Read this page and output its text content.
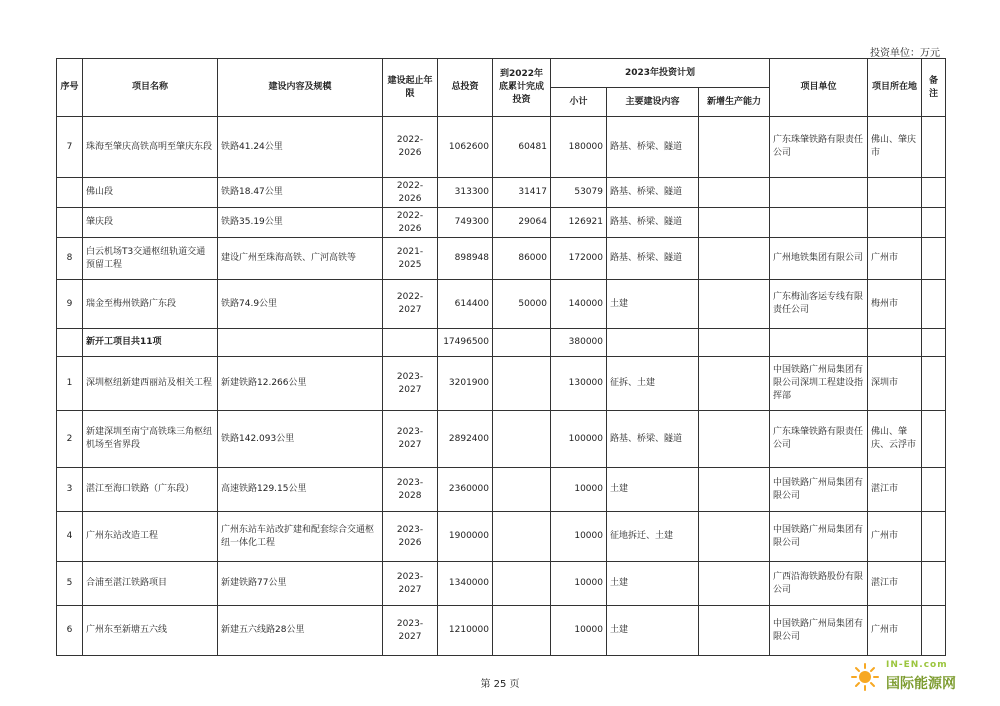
投资单位：万元
序号	项目名称	建设内容及规模	建设起止年限	总投资	到2022年底累计完成投资	2023年投资计划			项目单位	项目所在地	备注
						小计	主要建设内容	新增生产能力			
7	珠海至肇庆高铁高明至肇庆东段	铁路41.24公里	2022-2026	1062600	60481	180000	路基、桥梁、隧道		广东珠肇铁路有限责任公司	佛山、肇庆市	
	佛山段	铁路18.47公里	2022-2026	313300	31417	53079	路基、桥梁、隧道				
	肇庆段	铁路35.19公里	2022-2026	749300	29064	126921	路基、桥梁、隧道				
8	白云机场T3交通枢纽轨道交通预留工程	建设广州至珠海高铁、广河高铁等	2021-2025	898948	86000	172000	路基、桥梁、隧道		广州地铁集团有限公司	广州市	
9	瑞金至梅州铁路广东段	铁路74.9公里	2022-2027	614400	50000	140000	土建		广东梅汕客运专线有限责任公司	梅州市	
	新开工项目共11项			17496500		380000					
1	深圳枢纽新建西丽站及相关工程	新建铁路12.266公里	2023-2027	3201900		130000	征拆、土建		中国铁路广州局集团有限公司深圳工程建设指挥部	深圳市	
2	新建深圳至南宁高铁珠三角枢纽机场至省界段	铁路142.093公里	2023-2027	2892400		100000	路基、桥梁、隧道		广东珠肇铁路有限责任公司	佛山、肇庆、云浮市	
3	湛江至海口铁路（广东段）	高速铁路129.15公里	2023-2028	2360000		10000	土建		中国铁路广州局集团有限公司	湛江市	
4	广州东站改造工程	广州东站车站改扩建和配套综合交通枢纽一体化工程	2023-2026	1900000		10000	征地拆迁、土建		中国铁路广州局集团有限公司	广州市	
5	合浦至湛江铁路项目	新建铁路77公里	2023-2027	1340000		10000	土建		广西沿海铁路股份有限公司	湛江市	
6	广州东至新塘五六线	新建五六线路28公里	2023-2027	1210000		10000	土建		中国铁路广州局集团有限公司	广州市	
第 25 页
IN-EN.com
国际能源网
